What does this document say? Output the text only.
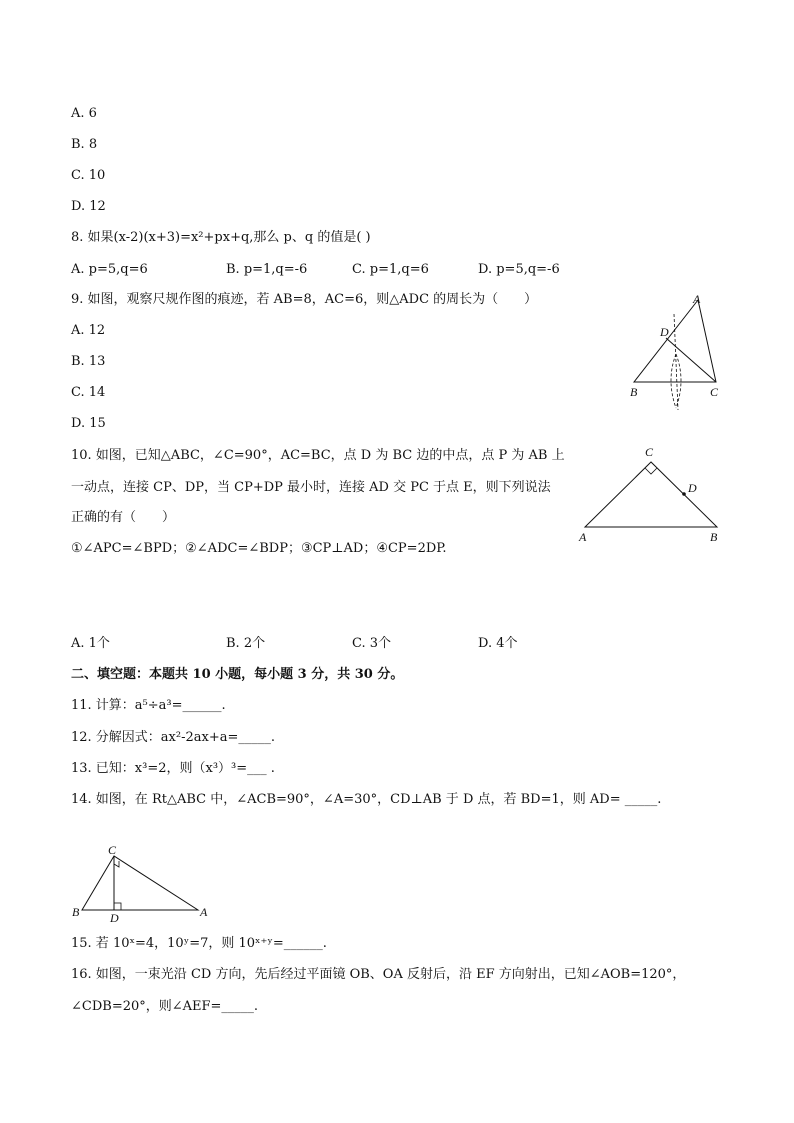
A. 6
B. 8
C. 10
D. 12
8. 如果(x-2)(x+3)=x²+px+q,那么 p、q 的值是( )
A. p=5,q=6	B. p=1,q=-6	C. p=1,q=6	D. p=5,q=-6
9. 如图，观察尺规作图的痕迹，若 AB=8，AC=6，则△ADC 的周长为（　　）
A. 12
B. 13
C. 14
D. 15
A
D
B	C
10. 如图，已知△ABC，∠C=90°，AC=BC，点 D 为 BC 边的中点，点 P 为 AB 上
一动点，连接 CP、DP，当 CP+DP 最小时，连接 AD 交 PC 于点 E，则下列说法
正确的有（　　）
①∠APC=∠BPD；②∠ADC=∠BDP；③CP⊥AD；④CP=2DP.
C
D
A	B
A. 1个	B. 2个	C. 3个	D. 4个
二、填空题：本题共 10 小题，每小题 3 分，共 30 分。
11. 计算：a⁵÷a³=______.
12. 分解因式：ax²-2ax+a=_____.
13. 已知：x³=2，则（x³）³=___ .
14. 如图，在 Rt△ABC 中，∠ACB=90°，∠A=30°，CD⊥AB 于 D 点，若 BD=1，则 AD= _____.
C
B	D	A
15. 若 10ˣ=4，10ʸ=7，则 10ˣ⁺ʸ=______.
16. 如图，一束光沿 CD 方向，先后经过平面镜 OB、OA 反射后，沿 EF 方向射出，已知∠AOB=120°，
∠CDB=20°，则∠AEF=_____.
